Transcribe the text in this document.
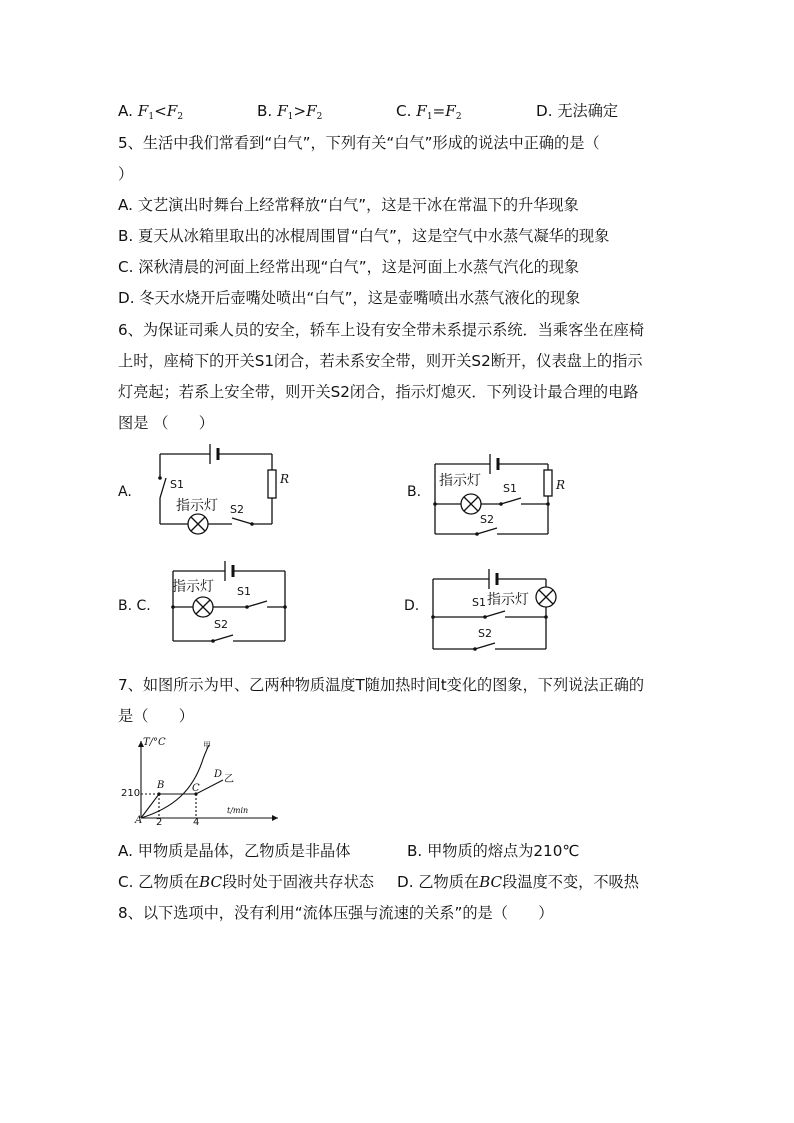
A. $F_1<F_2$	B. $F_1>F_2$	C. $F_1=F_2$	D. 无法确定
5、生活中我们常看到“白气”，下列有关“白气”形成的说法中正确的是（
）
A. 文艺演出时舞台上经常释放“白气”，这是干冰在常温下的升华现象
B. 夏天从冰箱里取出的冰棍周围冒“白气”，这是空气中水蒸气凝华的现象
C. 深秋清晨的河面上经常出现“白气”，这是河面上水蒸气汽化的现象
D. 冬天水烧开后壶嘴处喷出“白气”，这是壶嘴喷出水蒸气液化的现象
6、为保证司乘人员的安全，轿车上设有安全带未系提示系统．当乘客坐在座椅
上时，座椅下的开关S1闭合，若未系安全带，则开关S2断开，仪表盘上的指示
灯亮起；若系上安全带，则开关S2闭合，指示灯熄灭．下列设计最合理的电路
图是 （　　）
A.	S1
指示灯 S2
R
B.
指示灯 S1
S2
R
B. C.
指示灯 S1
S2
D.	S1 指示灯
S2
7、如图所示为甲、乙两种物质温度T随加热时间t变化的图象，下列说法正确的
是（　　）
T/°C
t/min
210
2	4
A
B	C
D
甲
乙
A. 甲物质是晶体，乙物质是非晶体	B. 甲物质的熔点为210℃
C. 乙物质在BC段时处于固液共存状态 D. 乙物质在BC段温度不变，不吸热
8、以下选项中，没有利用“流体压强与流速的关系”的是（　　）
